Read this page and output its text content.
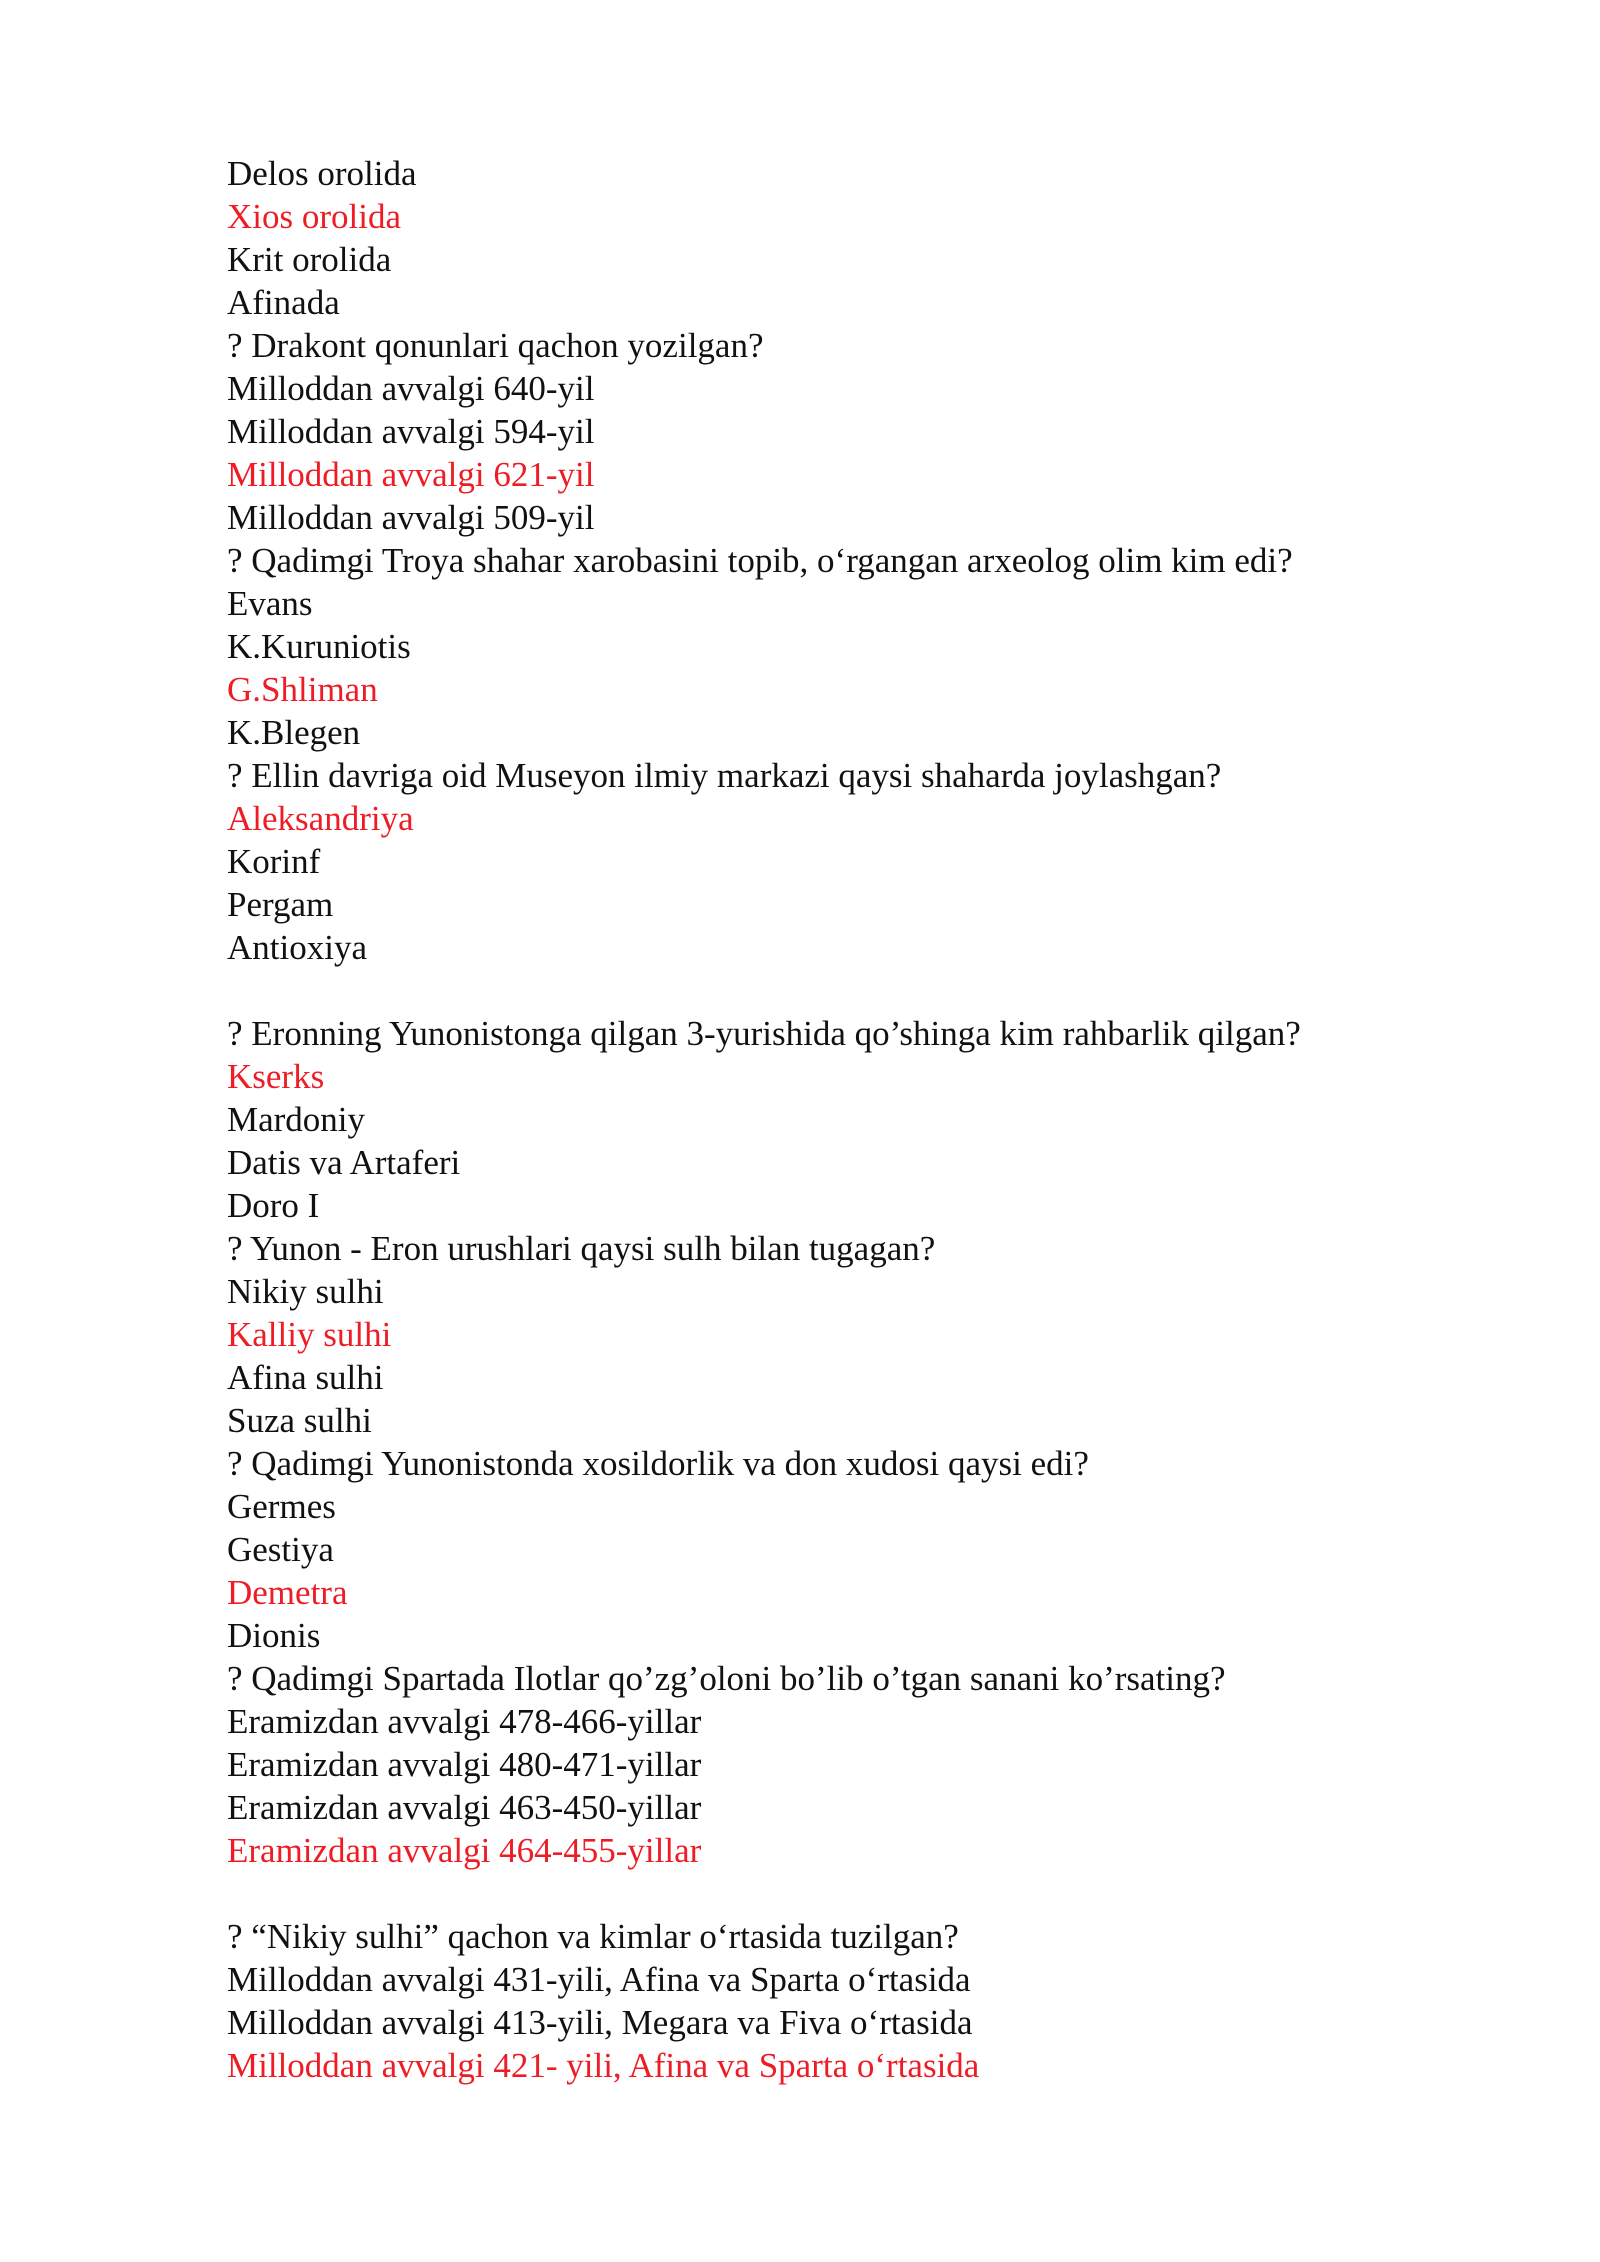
Delos orolida
Xios orolida
Krit orolida
Afinada
? Drakont qonunlari qachon yozilgan?
Milloddan avvalgi 640-yil
Milloddan avvalgi 594-yil
Milloddan avvalgi 621-yil
Milloddan avvalgi 509-yil
? Qadimgi Troya shahar xarobasini topib, o‘rgangan arxeolog olim kim edi?
Evans
K.Kuruniotis
G.Shliman
K.Blegen
? Ellin davriga oid Museyon ilmiy markazi qaysi shaharda joylashgan?
Aleksandriya
Korinf
Pergam
Antioxiya
? Eronning Yunonistonga qilgan 3-yurishida qo’shinga kim rahbarlik qilgan?
Kserks
Mardoniy
Datis va Artaferi
Doro I
? Yunon - Eron urushlari qaysi sulh bilan tugagan?
Nikiy sulhi
Kalliy sulhi
Afina sulhi
Suza sulhi
? Qadimgi Yunonistonda xosildorlik va don xudosi qaysi edi?
Germes
Gestiya
Demetra
Dionis
? Qadimgi Spartada Ilotlar qo’zg’oloni bo’lib o’tgan sanani ko’rsating?
Eramizdan avvalgi 478-466-yillar
Eramizdan avvalgi 480-471-yillar
Eramizdan avvalgi 463-450-yillar
Eramizdan avvalgi 464-455-yillar
? “Nikiy sulhi” qachon va kimlar o‘rtasida tuzilgan?
Milloddan avvalgi 431-yili, Afina va Sparta o‘rtasida
Milloddan avvalgi 413-yili, Megara va Fiva o‘rtasida
Milloddan avvalgi 421- yili, Afina va Sparta o‘rtasida
